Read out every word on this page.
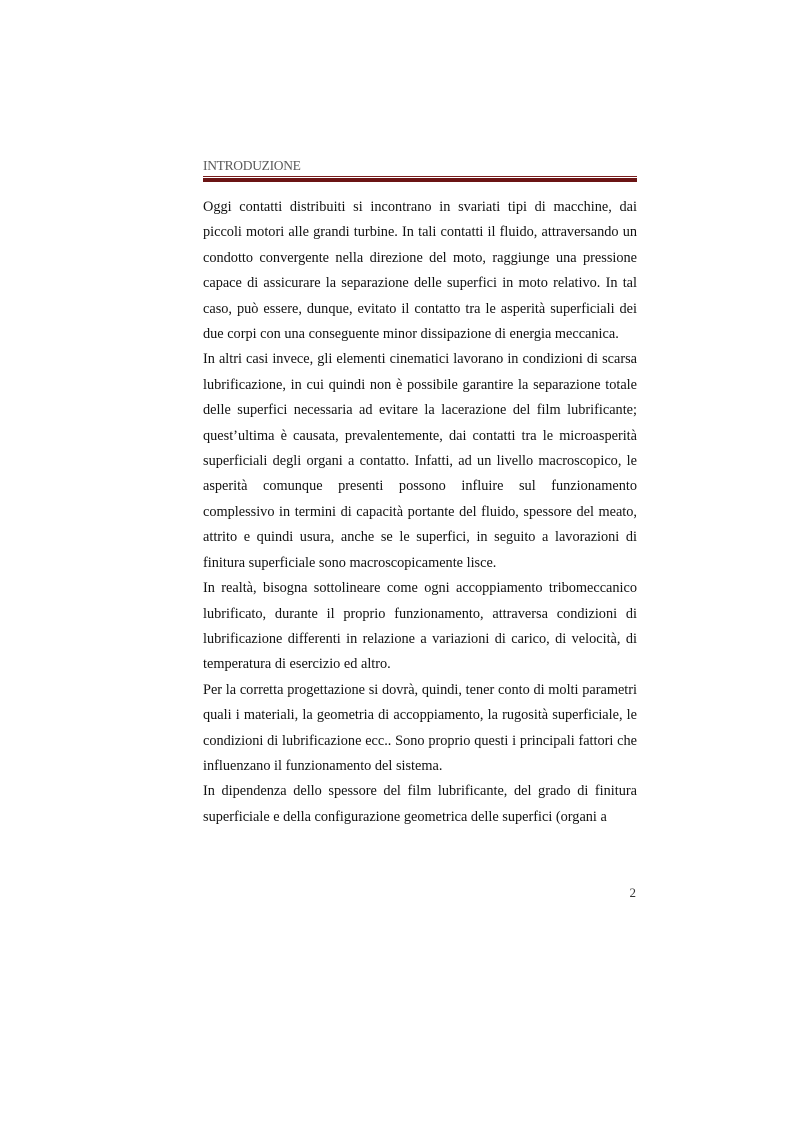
INTRODUZIONE

Oggi contatti distribuiti si incontrano in svariati tipi di macchine, dai piccoli motori alle grandi turbine. In tali contatti il fluido, attraversando un condotto convergente nella direzione del moto, raggiunge una pressione capace di assicurare la separazione delle superfici in moto relativo. In tal caso, può essere, dunque, evitato il contatto tra le asperità superficiali dei due corpi con una conseguente minor dissipazione di energia meccanica.

In altri casi invece, gli elementi cinematici lavorano in condizioni di scarsa lubrificazione, in cui quindi non è possibile garantire la separazione totale delle superfici necessaria ad evitare la lacerazione del film lubrificante; quest’ultima è causata, prevalentemente, dai contatti tra le microasperità superficiali degli organi a contatto. Infatti, ad un livello macroscopico, le asperità comunque presenti possono influire sul funzionamento complessivo in termini di capacità portante del fluido, spessore del meato, attrito e quindi usura, anche se le superfici, in seguito a lavorazioni di finitura superficiale sono macroscopicamente lisce.

In realtà, bisogna sottolineare come ogni accoppiamento tribomeccanico lubrificato, durante il proprio funzionamento, attraversa condizioni di lubrificazione differenti in relazione a variazioni di carico, di velocità, di temperatura di esercizio ed altro.

Per la corretta progettazione si dovrà, quindi, tener conto di molti parametri quali i materiali, la geometria di accoppiamento, la rugosità superficiale, le condizioni di lubrificazione ecc.. Sono proprio questi i principali fattori che influenzano il funzionamento del sistema.

In dipendenza dello spessore del film lubrificante, del grado di finitura superficiale e della configurazione geometrica delle superfici (organi a

2
